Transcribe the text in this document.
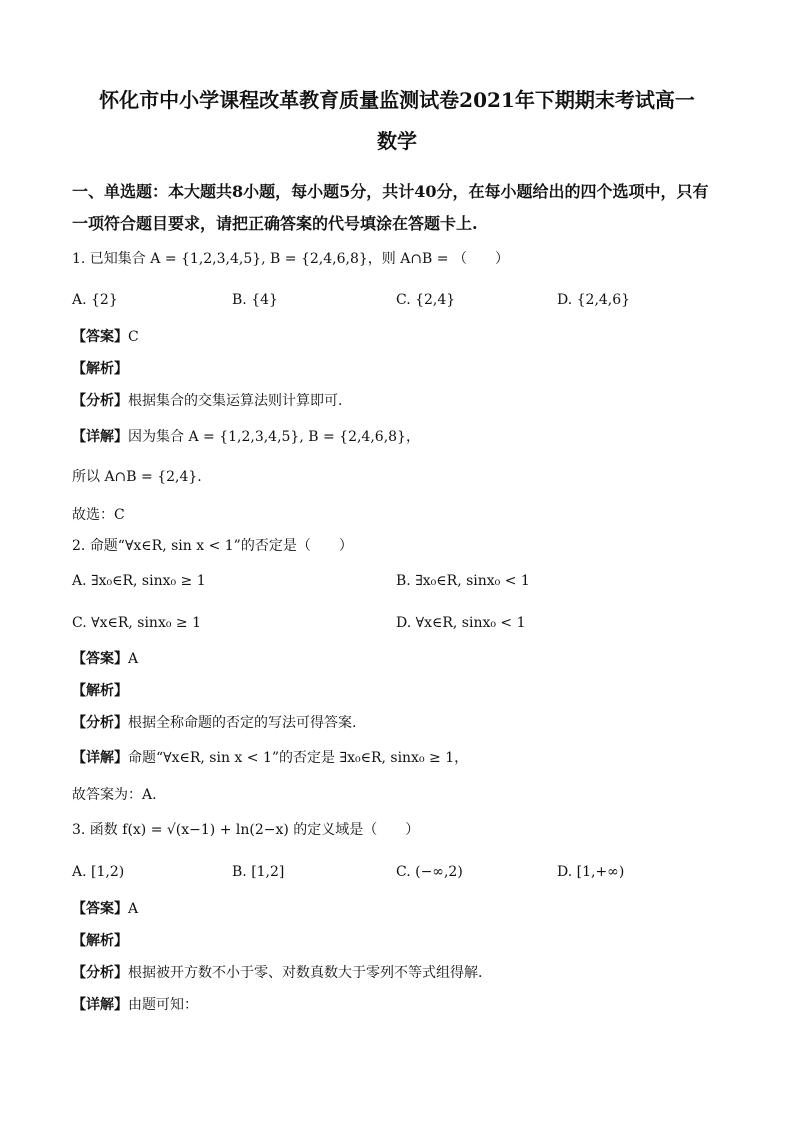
怀化市中小学课程改革教育质量监测试卷2021年下期期末考试高一
数学
一、单选题：本大题共8小题，每小题5分，共计40分，在每小题给出的四个选项中，只有一项符合题目要求，请把正确答案的代号填涂在答题卡上.
1. 已知集合 A = {1,2,3,4,5}, B = {2,4,6,8}，则 A∩B = （　　）
A. {2}	B. {4}	C. {2,4}	D. {2,4,6}
【答案】C
【解析】
【分析】根据集合的交集运算法则计算即可.
【详解】因为集合 A = {1,2,3,4,5}, B = {2,4,6,8}，
所以 A∩B = {2,4}.
故选：C
2. 命题“∀x∈R, sin x < 1”的否定是（　　）
A. ∃x₀∈R, sinx₀ ≥ 1	B. ∃x₀∈R, sinx₀ < 1
C. ∀x∈R, sinx₀ ≥ 1	D. ∀x∈R, sinx₀ < 1
【答案】A
【解析】
【分析】根据全称命题的否定的写法可得答案.
【详解】命题“∀x∈R, sin x < 1”的否定是 ∃x₀∈R, sinx₀ ≥ 1，
故答案为：A.
3. 函数 f(x) = √(x−1) + ln(2−x) 的定义域是（　　）
A. [1,2)	B. [1,2]	C. (−∞,2)	D. [1,+∞)
【答案】A
【解析】
【分析】根据被开方数不小于零、对数真数大于零列不等式组得解.
【详解】由题可知：
